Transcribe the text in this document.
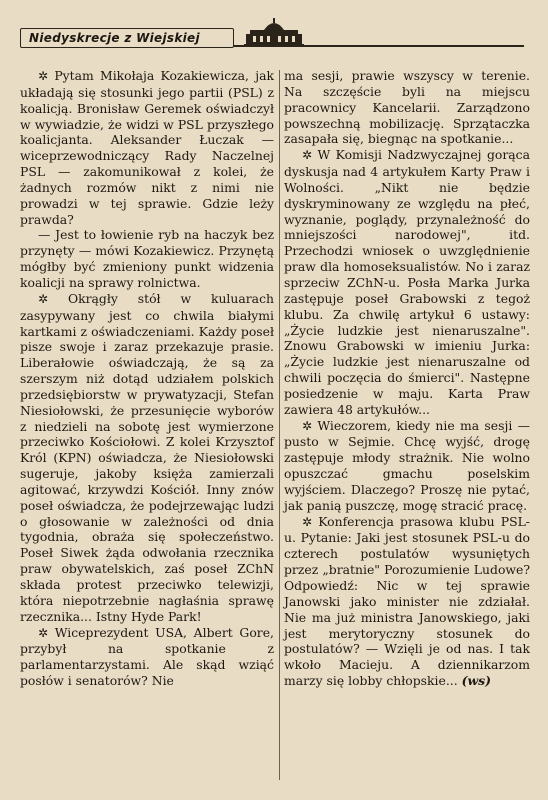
Niedyskrecje z Wiejskiej

✲ Pytam Mikołaja Kozakiewicza, jak układają się stosunki jego partii (PSL) z koalicją. Bronisław Geremek oświadczył w wywiadzie, że widzi w PSL przyszłego koalicjanta. Aleksander Łuczak — wiceprzewodniczący Rady Naczelnej PSL — zakomunikował z kolei, że żadnych rozmów nikt z nimi nie prowadzi w tej sprawie. Gdzie leży prawda?

— Jest to łowienie ryb na haczyk bez przynęty — mówi Kozakiewicz. Przynętą mógłby być zmieniony punkt widzenia koalicji na sprawy rolnictwa.

✲ Okrągły stół w kuluarach zasypywany jest co chwila białymi kartkami z oświadczeniami. Każdy poseł pisze swoje i zaraz przekazuje prasie. Liberałowie oświadczają, że są za szerszym niż dotąd udziałem polskich przedsiębiorstw w prywatyzacji, Stefan Niesiołowski, że przesunięcie wyborów z niedzieli na sobotę jest wymierzone przeciwko Kościołowi. Z kolei Krzysztof Król (KPN) oświadcza, że Niesiołowski sugeruje, jakoby księża zamierzali agitować, krzywdzi Kościół. Inny znów poseł oświadcza, że podejrzewając ludzi o głosowanie w zależności od dnia tygodnia, obraża się społeczeństwo. Poseł Siwek żąda odwołania rzecznika praw obywatelskich, zaś poseł ZChN składa protest przeciwko telewizji, która niepotrzebnie nagłaśnia sprawę rzecznika... Istny Hyde Park!

✲ Wiceprezydent USA, Albert Gore, przybył na spotkanie z parlamentarzystami. Ale skąd wziąć posłów i senatorów? Nie

ma sesji, prawie wszyscy w terenie. Na szczęście byli na miejscu pracownicy Kancelarii. Zarządzono powszechną mobilizację. Sprzątaczka zasapała się, biegnąc na spotkanie...

✲ W Komisji Nadzwyczajnej gorąca dyskusja nad 4 artykułem Karty Praw i Wolności. „Nikt nie będzie dyskryminowany ze względu na płeć, wyznanie, poglądy, przynależność do mniejszości narodowej", itd. Przechodzi wniosek o uwzględnienie praw dla homoseksualistów. No i zaraz sprzeciw ZChN-u. Posła Marka Jurka zastępuje poseł Grabowski z tegoż klubu. Za chwilę artykuł 6 ustawy: „Życie ludzkie jest nienaruszalne". Znowu Grabowski w imieniu Jurka: „Życie ludzkie jest nienaruszalne od chwili poczęcia do śmierci". Następne posiedzenie w maju. Karta Praw zawiera 48 artykułów...

✲ Wieczorem, kiedy nie ma sesji — pusto w Sejmie. Chcę wyjść, drogę zastępuje młody strażnik. Nie wolno opuszczać gmachu poselskim wyjściem. Dlaczego? Proszę nie pytać, jak panią puszczę, mogę stracić pracę.

✲ Konferencja prasowa klubu PSL-u. Pytanie: Jaki jest stosunek PSL-u do czterech postulatów wysuniętych przez „bratnie" Porozumienie Ludowe? Odpowiedź: Nic w tej sprawie Janowski jako minister nie zdziałał. Nie ma już ministra Janowskiego, jaki jest merytoryczny stosunek do postulatów? — Wzięli je od nas. I tak wkoło Macieju. A dziennikarzom marzy się lobby chłopskie... (ws)
